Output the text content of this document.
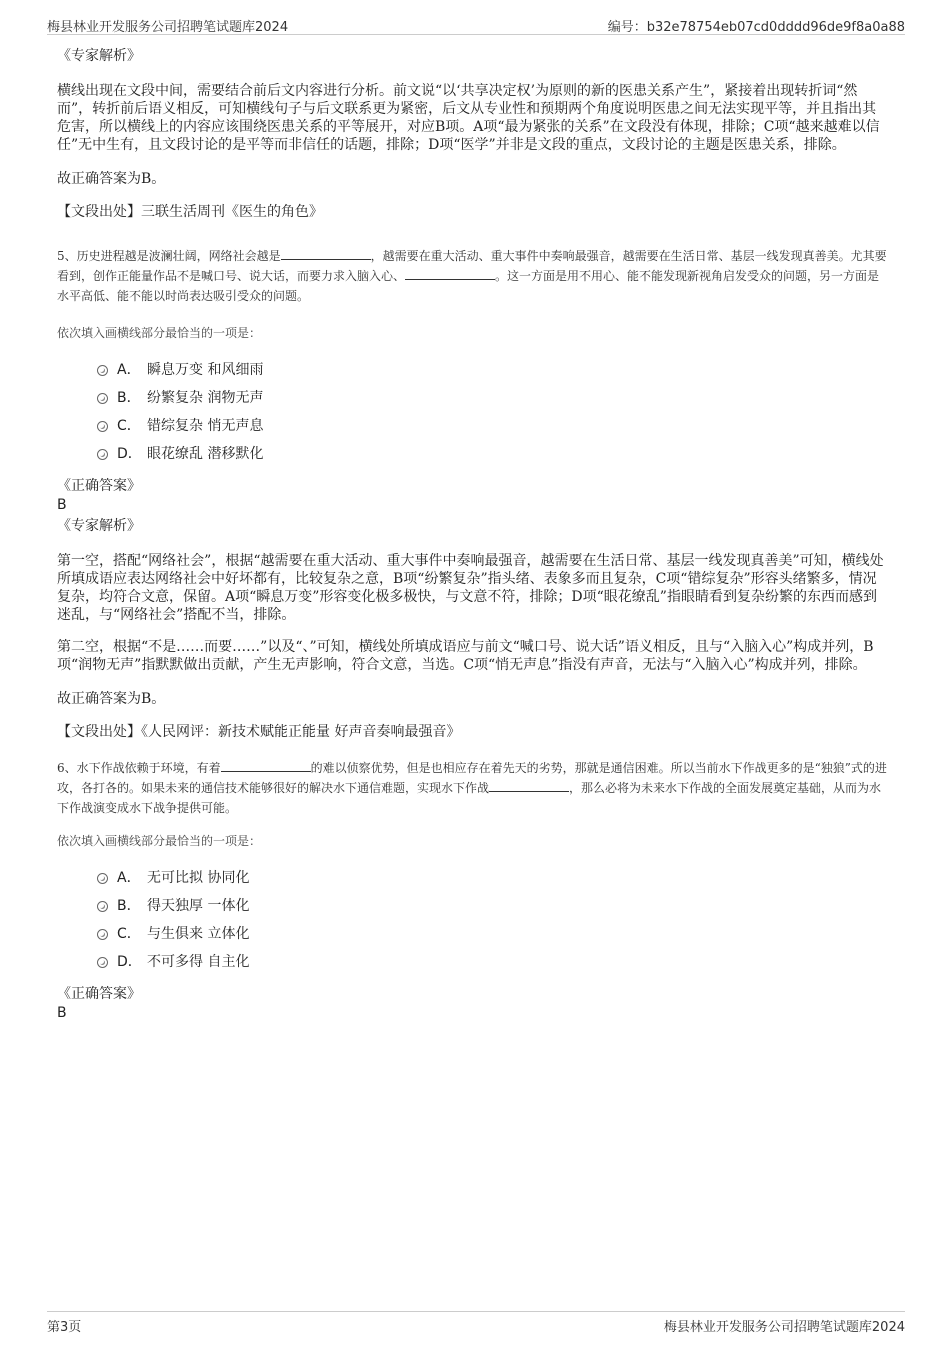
梅县林业开发服务公司招聘笔试题库2024	编号：b32e78754eb07cd0dddd96de9f8a0a88

《专家解析》

横线出现在文段中间，需要结合前后文内容进行分析。前文说“以‘共享决定权’为原则的新的医患关系产生”，紧接着出现转折词“然而”，转折前后语义相反，可知横线句子与后文联系更为紧密，后文从专业性和预期两个角度说明医患之间无法实现平等，并且指出其危害，所以横线上的内容应该围绕医患关系的平等展开，对应B项。A项“最为紧张的关系”在文段没有体现，排除；C项“越来越难以信任”无中生有，且文段讨论的是平等而非信任的话题，排除；D项“医学”并非是文段的重点，文段讨论的主题是医患关系，排除。

故正确答案为B。

【文段出处】三联生活周刊《医生的角色》

5、历史进程越是波澜壮阔，网络社会越是	，越需要在重大活动、重大事件中奏响最强音，越需要在生活日常、基层一线发现真善美。尤其要看到，创作正能量作品不是喊口号、说大话，而要力求入脑入心、	。这一方面是用不用心、能不能发现新视角启发受众的问题，另一方面是水平高低、能不能以时尚表达吸引受众的问题。

依次填入画横线部分最恰当的一项是：

A． 瞬息万变 和风细雨
B． 纷繁复杂 润物无声
C． 错综复杂 悄无声息
D． 眼花缭乱 潜移默化

《正确答案》

B

《专家解析》

第一空，搭配“网络社会”，根据“越需要在重大活动、重大事件中奏响最强音，越需要在生活日常、基层一线发现真善美”可知，横线处所填成语应表达网络社会中好坏都有，比较复杂之意，B项“纷繁复杂”指头绪、表象多而且复杂，C项“错综复杂”形容头绪繁多，情况复杂，均符合文意，保留。A项“瞬息万变”形容变化极多极快，与文意不符，排除；D项“眼花缭乱”指眼睛看到复杂纷繁的东西而感到迷乱，与“网络社会”搭配不当，排除。

第二空，根据“不是……而要……”以及“、”可知，横线处所填成语应与前文“喊口号、说大话”语义相反，且与“入脑入心”构成并列，B项“润物无声”指默默做出贡献，产生无声影响，符合文意，当选。C项“悄无声息”指没有声音，无法与“入脑入心”构成并列，排除。

故正确答案为B。

【文段出处】《人民网评：新技术赋能正能量 好声音奏响最强音》

6、水下作战依赖于环境，有着	的难以侦察优势，但是也相应存在着先天的劣势，那就是通信困难。所以当前水下作战更多的是“独狼”式的进攻，各打各的。如果未来的通信技术能够很好的解决水下通信难题，实现水下作战	，那么必将为未来水下作战的全面发展奠定基础，从而为水下作战演变成水下战争提供可能。

依次填入画横线部分最恰当的一项是：

A． 无可比拟 协同化
B． 得天独厚 一体化
C． 与生俱来 立体化
D． 不可多得 自主化

《正确答案》

B

第3页	梅县林业开发服务公司招聘笔试题库2024
